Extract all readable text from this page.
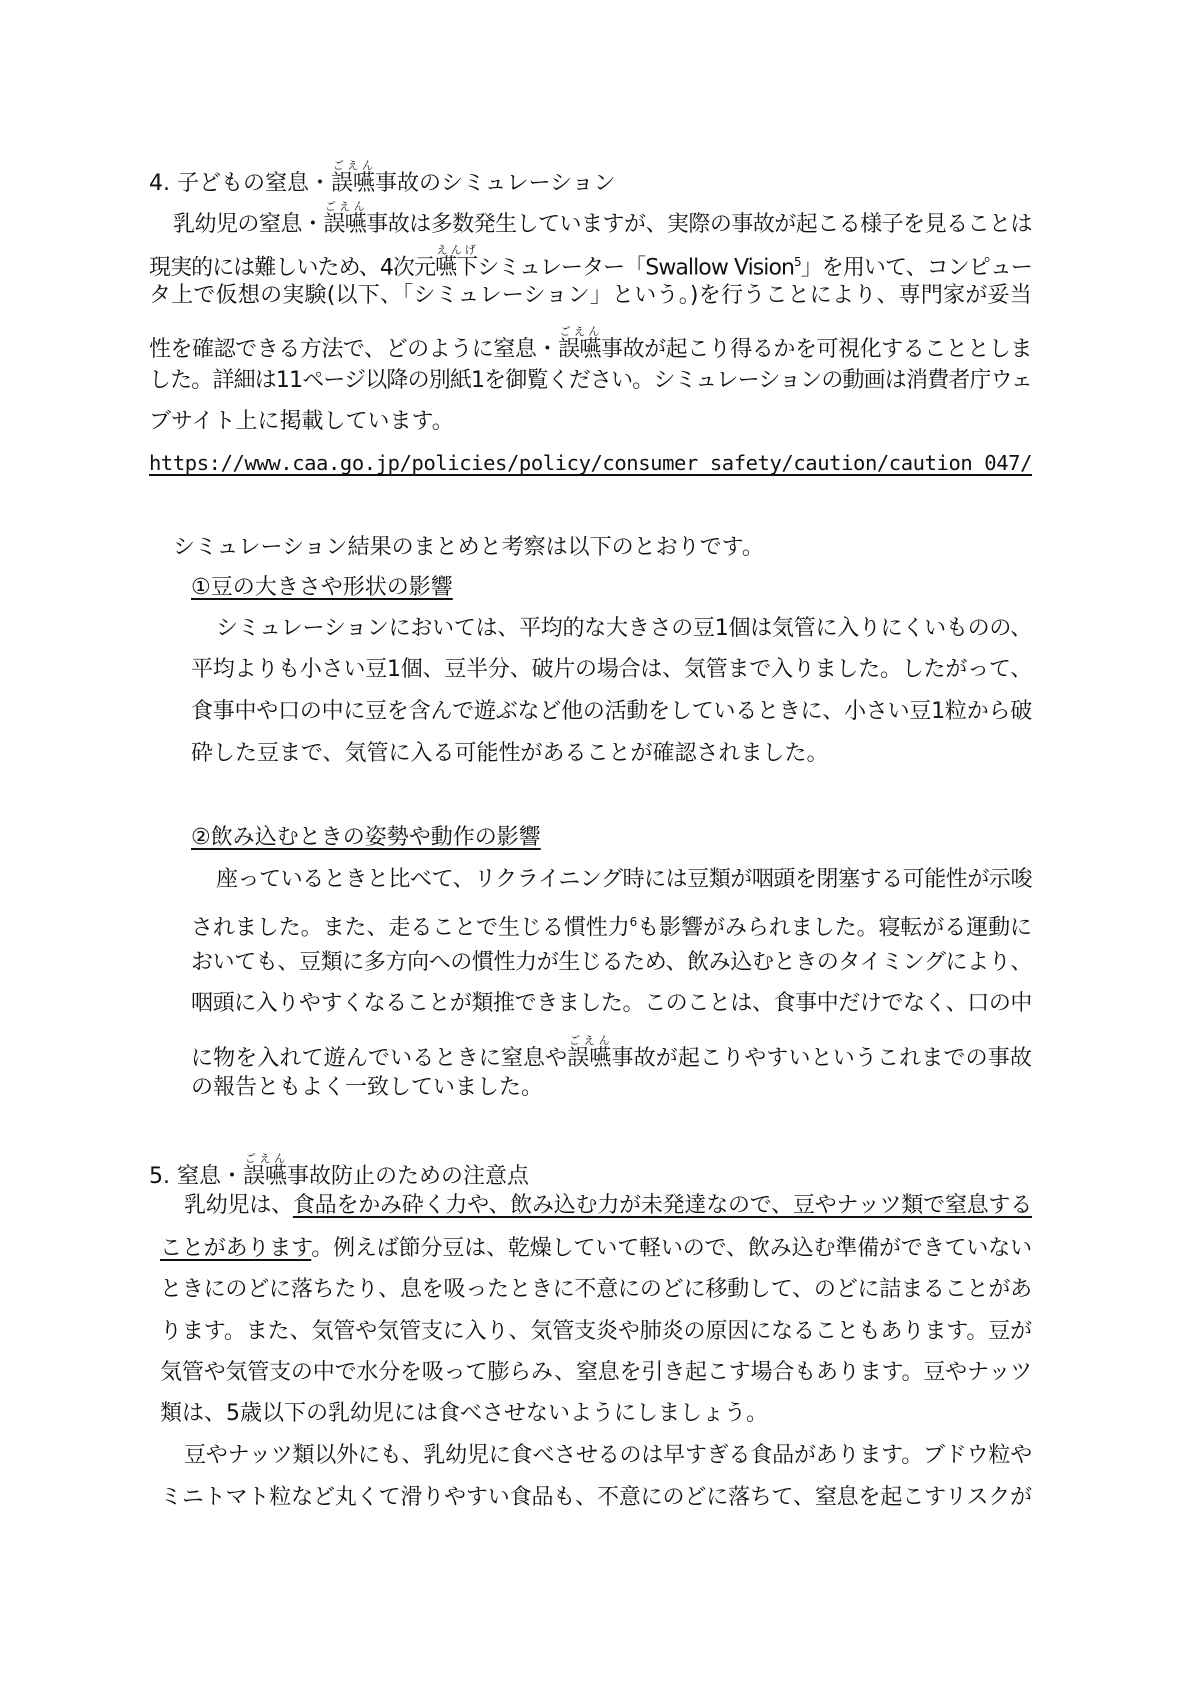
4. 子どもの窒息・誤嚥ごえん事故のシミュレーション
乳幼児の窒息・誤嚥ごえん事故は多数発生していますが、実際の事故が起こる様子を見ることは
現実的には難しいため、4次元嚥下えんげシミュレーター「Swallow Vision$^5$」を用いて、コンピュー
タ上で仮想の実験(以下、「シミュレーション」という。)を行うことにより、専門家が妥当
性を確認できる方法で、どのように窒息・誤嚥ごえん事故が起こり得るかを可視化することとしま
した。詳細は11ページ以降の別紙1を御覧ください。シミュレーションの動画は消費者庁ウェ
ブサイト上に掲載しています。
https://www.caa.go.jp/policies/policy/consumer_safety/caution/caution_047/
シミュレーション結果のまとめと考察は以下のとおりです。
①豆の大きさや形状の影響
シミュレーションにおいては、平均的な大きさの豆1個は気管に入りにくいものの、
平均よりも小さい豆1個、豆半分、破片の場合は、気管まで入りました。したがって、
食事中や口の中に豆を含んで遊ぶなど他の活動をしているときに、小さい豆1粒から破
砕した豆まで、気管に入る可能性があることが確認されました。
②飲み込むときの姿勢や動作の影響
座っているときと比べて、リクライニング時には豆類が咽頭を閉塞する可能性が示唆
されました。また、走ることで生じる慣性力$^6$も影響がみられました。寝転がる運動に
おいても、豆類に多方向への慣性力が生じるため、飲み込むときのタイミングにより、
咽頭に入りやすくなることが類推できました。このことは、食事中だけでなく、口の中
に物を入れて遊んでいるときに窒息や誤嚥ごえん事故が起こりやすいというこれまでの事故
の報告ともよく一致していました。
5. 窒息・誤嚥ごえん事故防止のための注意点
乳幼児は、食品をかみ砕く力や、飲み込む力が未発達なので、豆やナッツ類で窒息する
ことがあります。例えば節分豆は、乾燥していて軽いので、飲み込む準備ができていない
ときにのどに落ちたり、息を吸ったときに不意にのどに移動して、のどに詰まることがあ
ります。また、気管や気管支に入り、気管支炎や肺炎の原因になることもあります。豆が
気管や気管支の中で水分を吸って膨らみ、窒息を引き起こす場合もあります。豆やナッツ
類は、5歳以下の乳幼児には食べさせないようにしましょう。
豆やナッツ類以外にも、乳幼児に食べさせるのは早すぎる食品があります。ブドウ粒や
ミニトマト粒など丸くて滑りやすい食品も、不意にのどに落ちて、窒息を起こすリスクが
